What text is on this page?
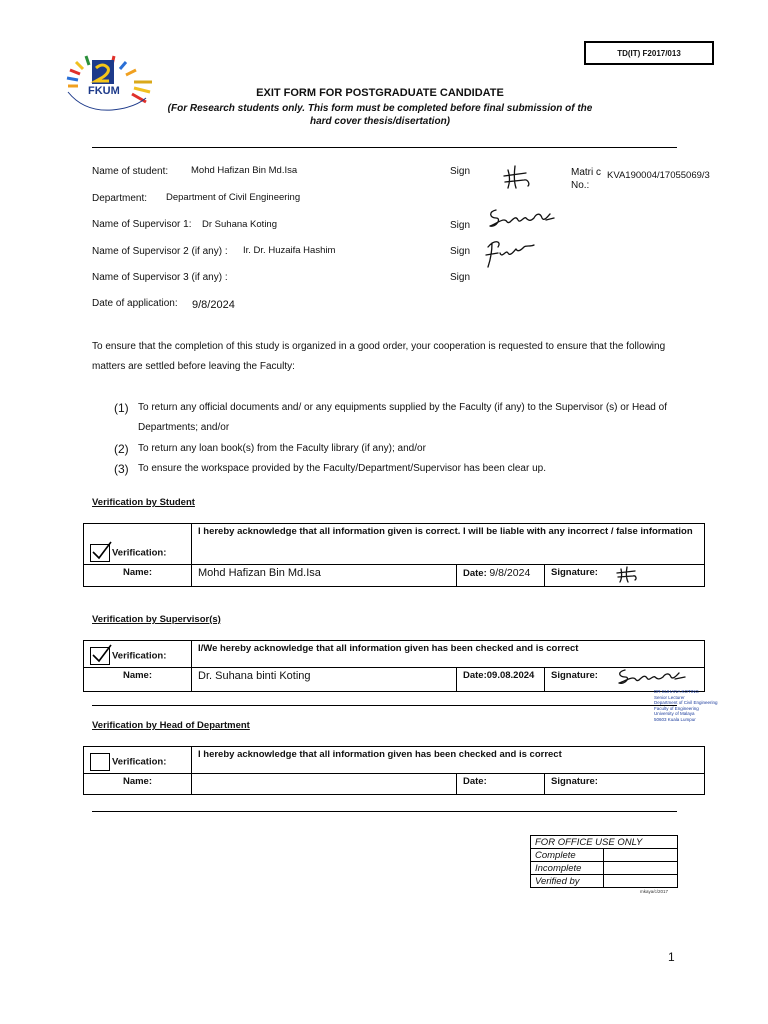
TD(IT) F2017/013
FKUM	EXIT FORM FOR POSTGRADUATE CANDIDATE
(For Research students only. This form must be completed before final submission of the hard cover thesis/disertation)
Name of student: Mohd Hafizan Bin Md.Isa	Sign	Matri c No.:
KVA190004/17055069/3
Department: Department of Civil Engineering
Name of Supervisor 1: Dr Suhana Koting	Sign
Name of Supervisor 2 (if any) : Ir. Dr. Huzaifa Hashim	Sign
Name of Supervisor 3 (if any) :	Sign
Date of application: 9/8/2024
To ensure that the completion of this study is organized in a good order, your cooperation is requested to ensure that the following matters are settled before leaving the Faculty:
(1) To return any official documents and/ or any equipments supplied by the Faculty (if any) to the Supervisor (s) or Head of Departments; and/or
(2) To return any loan book(s) from the Faculty library (if any); and/or
(3) To ensure the workspace provided by the Faculty/Department/Supervisor has been clear up.
Verification by Student
Verification:	I hereby acknowledge that all information given is correct. I will be liable with any incorrect / false information			
Name:	Mohd Hafizan Bin Md.Isa	Date: 9/8/2024	Signature:	
Verification by Supervisor(s)
Verification:	I/We hereby acknowledge that all information given has been checked and is correct			
Name:	Dr. Suhana binti Koting	Date:09.08.2024	Signature:	
DR SUHANA KOTING
Senior Lecturer
Department of Civil Engineering
Faculty of Engineering
University of Malaya
50603 Kuala Lumpur
Verification by Head of Department
Verification:	I hereby acknowledge that all information given has been checked and is correct			
Name:		Date:	Signature:	
FOR OFFICE USE ONLY	
Complete	
Incomplete	
Verified by	
mkaya/c/2017
1
